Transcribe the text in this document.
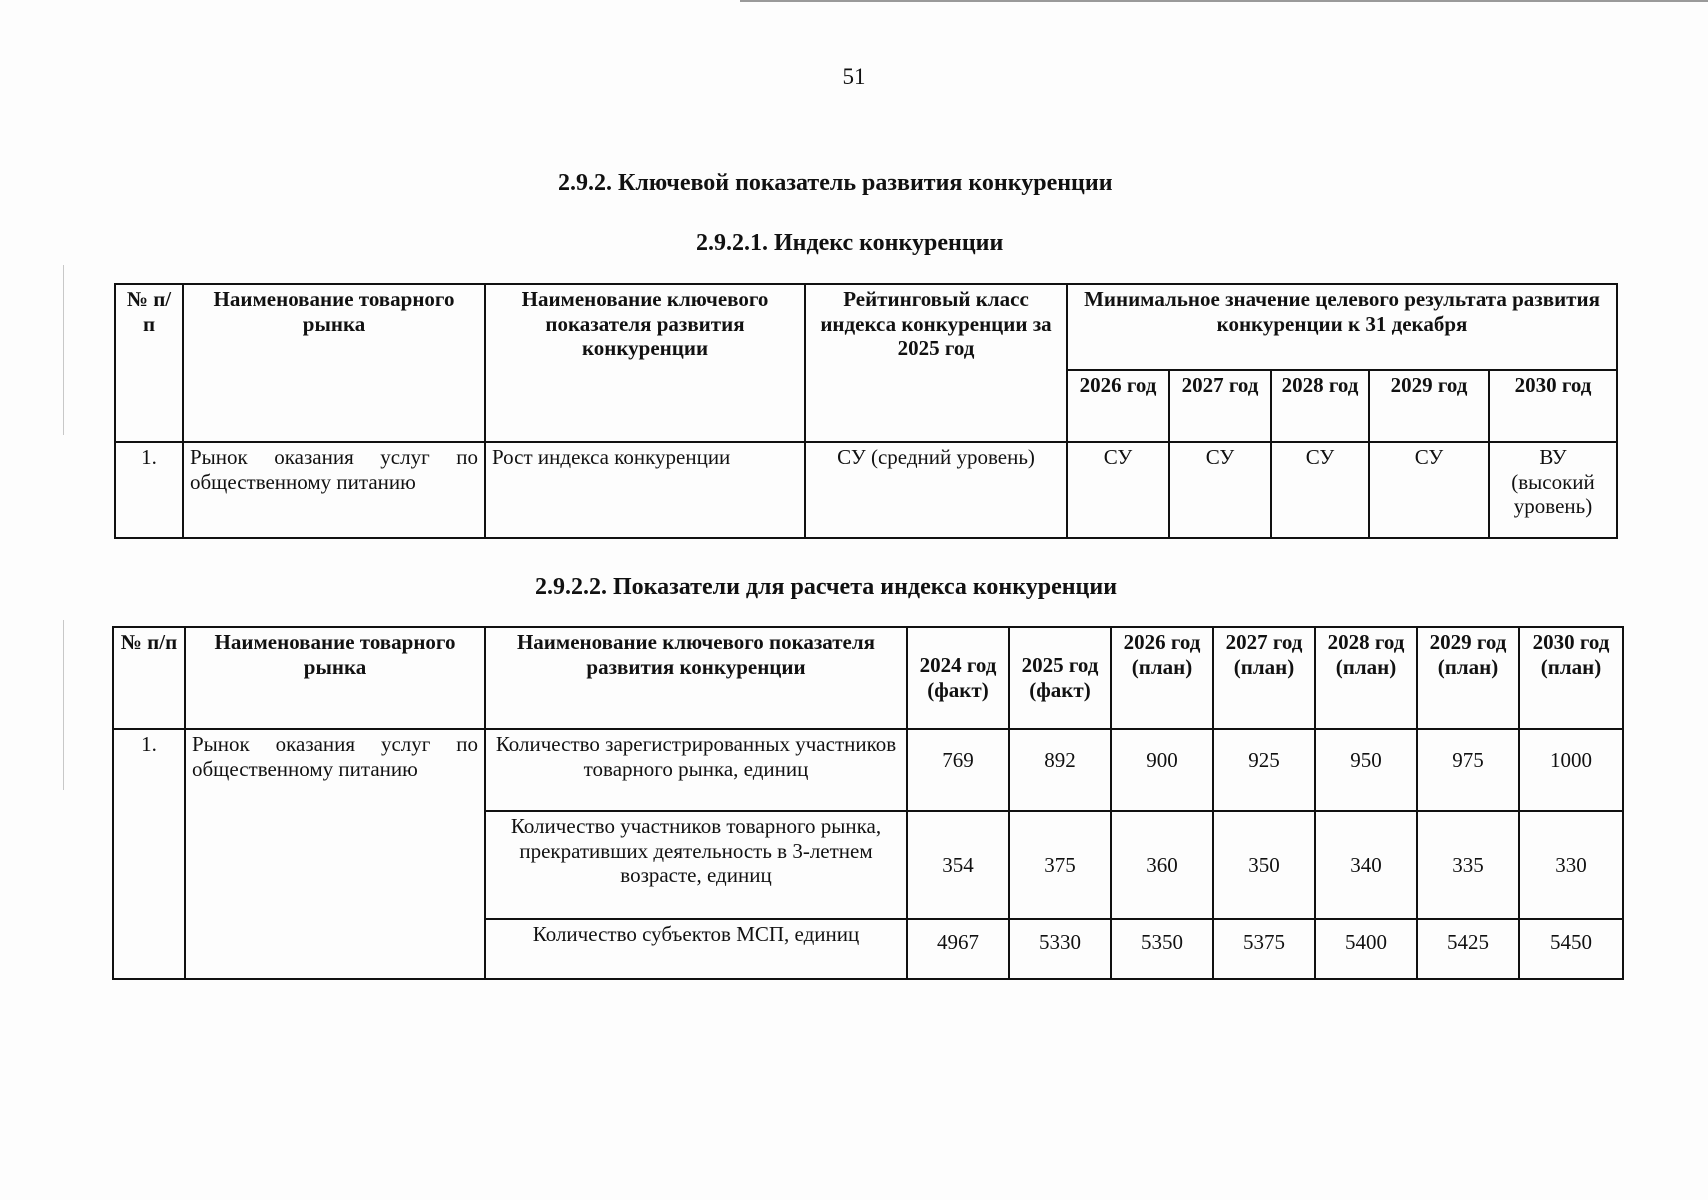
51
2.9.2. Ключевой показатель развития конкуренции
2.9.2.1. Индекс конкуренции
№ п/п	Наименование товарного рынка	Наименование ключевого показателя развития конкуренции	Рейтинговый класс индекса конкуренции за 2025 год	Минимальное значение целевого результата развития конкуренции к 31 декабря				
				2026 год	2027 год	2028 год	2029 год	2030 год
1.	Рынок оказания услуг по общественному питанию	Рост индекса конкуренции	СУ (средний уровень)	СУ	СУ	СУ	СУ	ВУ (высокий уровень)
2.9.2.2. Показатели для расчета индекса конкуренции
№ п/п	Наименование товарного рынка	Наименование ключевого показателя развития конкуренции	2024 год (факт)	2025 год (факт)	2026 год (план)	2027 год (план)	2028 год (план)	2029 год (план)	2030 год (план)
1.	Рынок оказания услуг по общественному питанию	Количество зарегистрированных участников товарного рынка, единиц	769	892	900	925	950	975	1000
		Количество участников товарного рынка, прекративших деятельность в 3-летнем возрасте, единиц	354	375	360	350	340	335	330
		Количество субъектов МСП, единиц	4967	5330	5350	5375	5400	5425	5450
